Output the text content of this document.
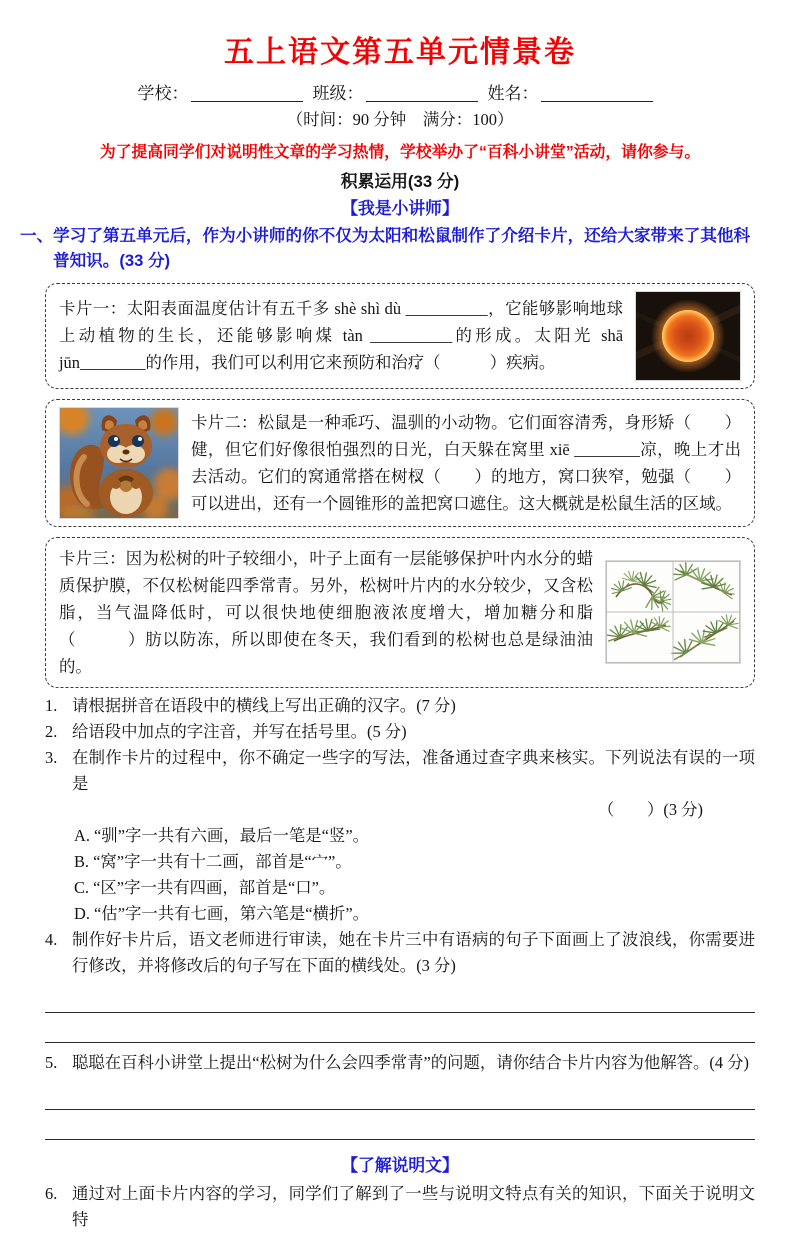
五上语文第五单元情景卷
学校：	班级：	姓名：
（时间：90 分钟　满分：100）
为了提高同学们对说明性文章的学习热情，学校举办了“百科小讲堂”活动，请你参与。
积累运用(33 分)
【我是小讲师】
一、学习了第五单元后，作为小讲师的你不仅为太阳和松鼠制作了介绍卡片，还给大家带来了其他科普知识。(33 分)
卡片一：太阳表面温度估计有五千多 shè shì dù __________，它能够影响地球上动植物的生长，还能够影响煤 tàn __________的形成。太阳光 shā jūn________的作用，我们可以利用它来预防和治疗（　　　）疾病。
卡片二：松鼠是一种乖巧、温驯的小动物。它们面容清秀，身形矫（　　）健，但它们好像很怕强烈的日光，白天躲在窝里 xiē ________凉，晚上才出去活动。它们的窝通常搭在树杈（　　）的地方，窝口狭窄，勉强（　　）可以进出，还有一个圆锥形的盖把窝口遮住。这大概就是松鼠生活的区域。
卡片三：因为松树的叶子较细小，叶子上面有一层能够保护叶内水分的蜡质保护膜，不仅松树能四季常青。另外，松树叶片内的水分较少，又含松脂，当气温降低时，可以很快地使细胞液浓度增大，增加糖分和脂（　　　）肪以防冻，所以即使在冬天，我们看到的松树也总是绿油油的。
1. 请根据拼音在语段中的横线上写出正确的汉字。(7 分)
2. 给语段中加点的字注音，并写在括号里。(5 分)
3. 在制作卡片的过程中，你不确定一些字的写法，准备通过查字典来核实。下列说法有误的一项是
（　　）(3 分)
A. “驯”字一共有六画，最后一笔是“竖”。
B. “窝”字一共有十二画，部首是“宀”。
C. “区”字一共有四画，部首是“口”。
D. “估”字一共有七画，第六笔是“横折”。
4. 制作好卡片后，语文老师进行审读，她在卡片三中有语病的句子下面画上了波浪线，你需要进行修改，并将修改后的句子写在下面的横线处。(3 分)
5. 聪聪在百科小讲堂上提出“松树为什么会四季常青”的问题，请你结合卡片内容为他解答。(4 分)
【了解说明文】
6. 通过对上面卡片内容的学习，同学们了解到了一些与说明文特点有关的知识，下面关于说明文特
